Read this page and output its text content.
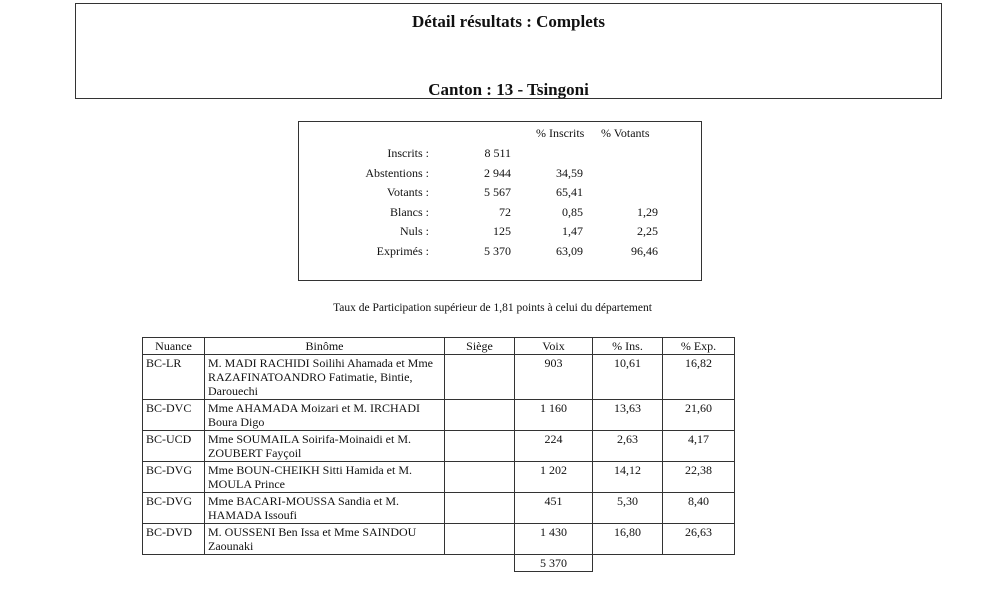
Détail résultats : Complets
Canton : 13 - Tsingoni
% Inscrits % Votants
Inscrits :	8 511
Abstentions :	2 944	34,59
Votants :	5 567	65,41
Blancs :	72	0,85	1,29
Nuls :	125	1,47	2,25
Exprimés :	5 370	63,09	96,46
Taux de Participation supérieur de 1,81 points à celui du département
Nuance	Binôme	Siège	Voix	% Ins.	% Exp.
BC-LR	M. MADI RACHIDI Soilihi Ahamada et Mme RAZAFINATOANDRO Fatimatie, Bintie, Darouechi		903	10,61	16,82
BC-DVC	Mme AHAMADA Moizari et M. IRCHADI Boura Digo		1 160	13,63	21,60
BC-UCD	Mme SOUMAILA Soirifa-Moinaidi et M. ZOUBERT Fayçoil		224	2,63	4,17
BC-DVG	Mme BOUN-CHEIKH Sitti Hamida et M. MOULA Prince		1 202	14,12	22,38
BC-DVG	Mme BACARI-MOUSSA Sandia et M. HAMADA Issoufi		451	5,30	8,40
BC-DVD	M. OUSSENI Ben Issa et Mme SAINDOU Zaounaki		1 430	16,80	26,63
			5 370		
